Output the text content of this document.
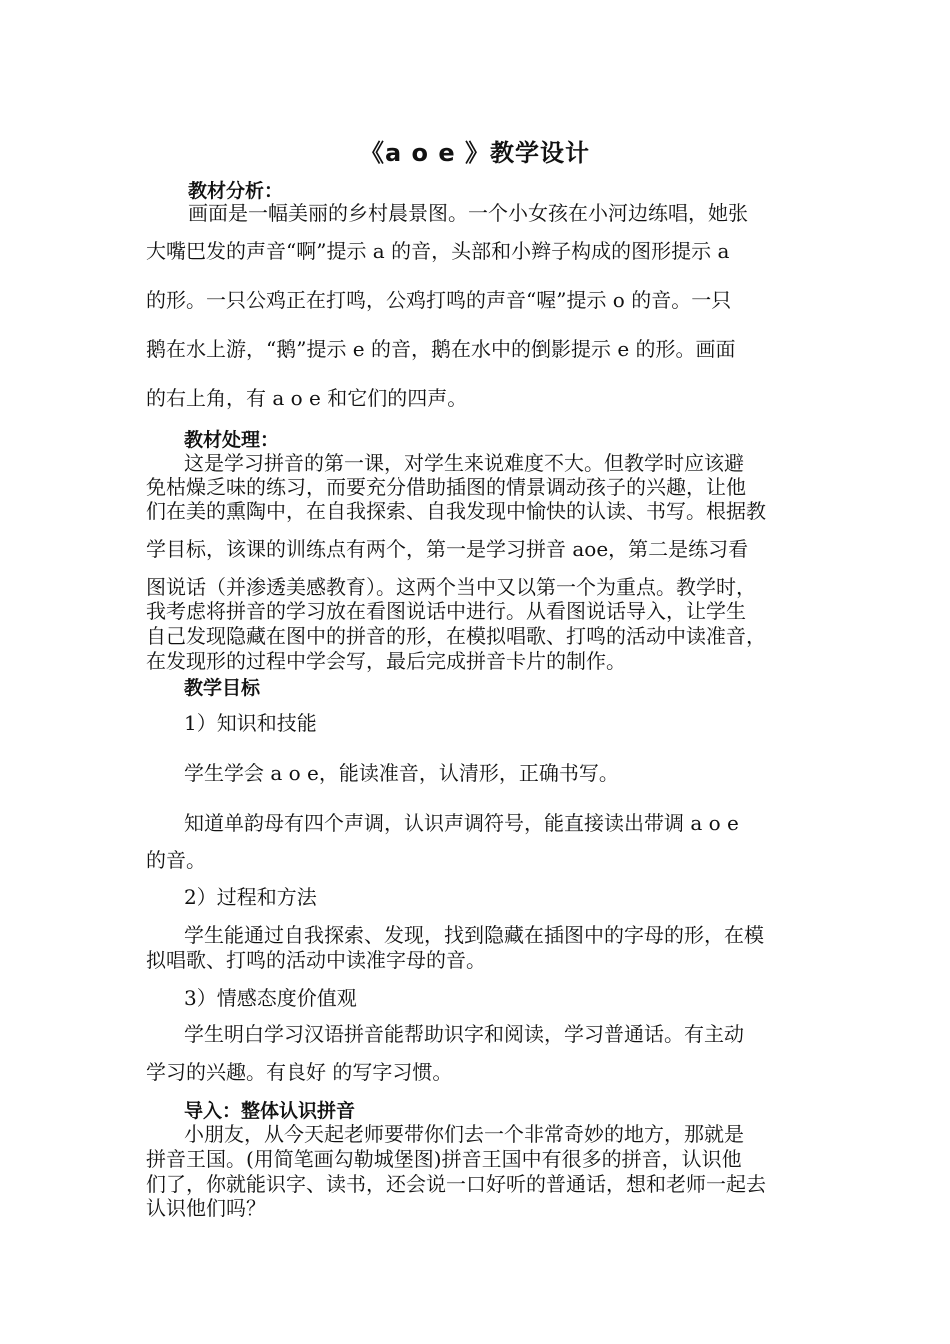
《a o e 》教学设计
教材分析：
画面是一幅美丽的乡村晨景图。一个小女孩在小河边练唱，她张
大嘴巴发的声音“啊”提示 a 的音，头部和小辫子构成的图形提示 a
的形。一只公鸡正在打鸣，公鸡打鸣的声音“喔”提示 o 的音。一只
鹅在水上游，“鹅”提示 e 的音，鹅在水中的倒影提示 e 的形。画面
的右上角，有 a o e 和它们的四声。
教材处理：
这是学习拼音的第一课，对学生来说难度不大。但教学时应该避
免枯燥乏味的练习，而要充分借助插图的情景调动孩子的兴趣，让他
们在美的熏陶中，在自我探索、自我发现中愉快的认读、书写。根据教
学目标，该课的训练点有两个，第一是学习拼音 aoe，第二是练习看
图说话（并渗透美感教育）。这两个当中又以第一个为重点。教学时，
我考虑将拼音的学习放在看图说话中进行。从看图说话导入，让学生
自己发现隐藏在图中的拼音的形，在模拟唱歌、打鸣的活动中读准音，
在发现形的过程中学会写，最后完成拼音卡片的制作。
教学目标
1）知识和技能
学生学会 a o e，能读准音，认清形，正确书写。
知道单韵母有四个声调，认识声调符号，能直接读出带调 a o e
的音。
2）过程和方法
学生能通过自我探索、发现，找到隐藏在插图中的字母的形，在模
拟唱歌、打鸣的活动中读准字母的音。
3）情感态度价值观
学生明白学习汉语拼音能帮助识字和阅读，学习普通话。有主动
学习的兴趣。有良好 的写字习惯。
导入：整体认识拼音
小朋友，从今天起老师要带你们去一个非常奇妙的地方，那就是
拼音王国。(用简笔画勾勒城堡图)拼音王国中有很多的拼音，认识他
们了，你就能识字、读书，还会说一口好听的普通话，想和老师一起去
认识他们吗？
